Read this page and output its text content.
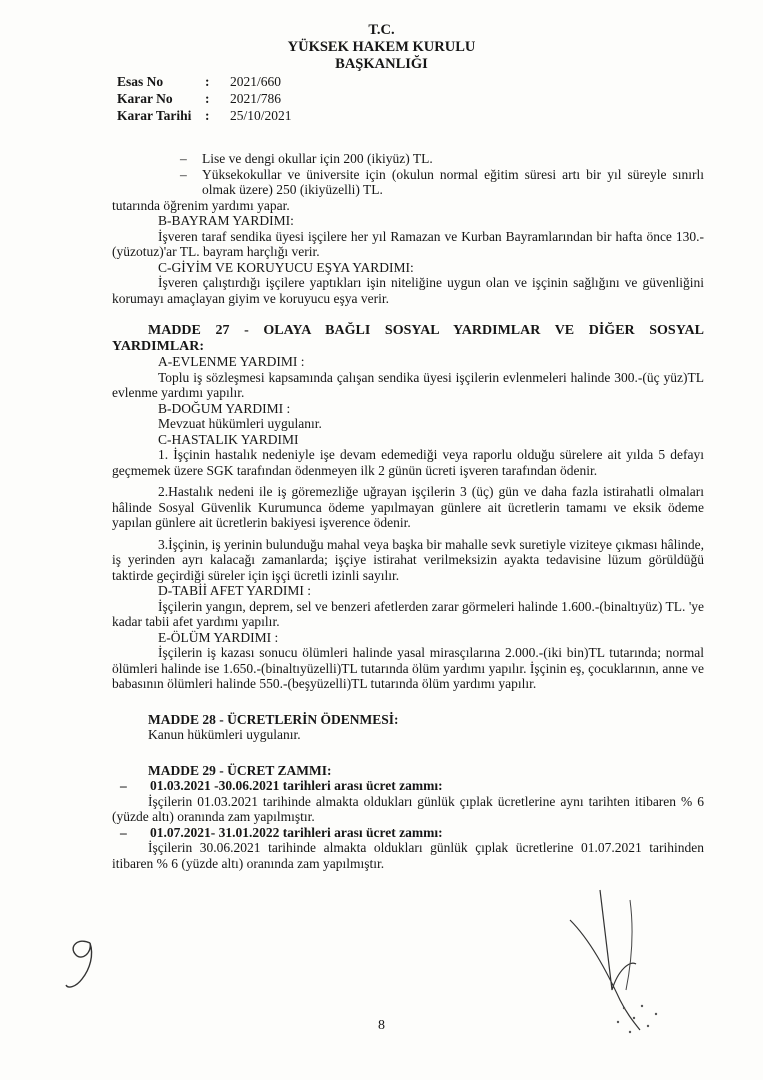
T.C.
YÜKSEK HAKEM KURULU
BAŞKANLIĞI
Esas No	:	2021/660
Karar No	:	2021/786
Karar Tarihi	:	25/10/2021
–	Lise ve dengi okullar için 200 (ikiyüz) TL.
–	Yüksekokullar ve üniversite için (okulun normal eğitim süresi artı bir yıl süreyle sınırlı olmak üzere) 250 (ikiyüzelli) TL.

tutarında öğrenim yardımı yapar.

B-BAYRAM YARDIMI:

İşveren taraf sendika üyesi işçilere her yıl Ramazan ve Kurban Bayramlarından bir hafta önce 130.-(yüzotuz)'ar TL. bayram harçlığı verir.

C-GİYİM VE KORUYUCU EŞYA YARDIMI:

İşveren çalıştırdığı işçilere yaptıkları işin niteliğine uygun olan ve işçinin sağlığını ve güvenliğini korumayı amaçlayan giyim ve koruyucu eşya verir.

MADDE 27 - OLAYA BAĞLI SOSYAL YARDIMLAR VE DİĞER SOSYAL YARDIMLAR:

A-EVLENME YARDIMI :

Toplu iş sözleşmesi kapsamında çalışan sendika üyesi işçilerin evlenmeleri halinde 300.-(üç yüz)TL evlenme yardımı yapılır.

B-DOĞUM YARDIMI :

Mevzuat hükümleri uygulanır.

C-HASTALIK YARDIMI

1. İşçinin hastalık nedeniyle işe devam edemediği veya raporlu olduğu sürelere ait yılda 5 defayı geçmemek üzere SGK tarafından ödenmeyen ilk 2 günün ücreti işveren tarafından ödenir.

2.Hastalık nedeni ile iş göremezliğe uğrayan işçilerin 3 (üç) gün ve daha fazla istirahatli olmaları hâlinde Sosyal Güvenlik Kurumunca ödeme yapılmayan günlere ait ücretlerin tamamı ve eksik ödeme yapılan günlere ait ücretlerin bakiyesi işverence ödenir.

3.İşçinin, iş yerinin bulunduğu mahal veya başka bir mahalle sevk suretiyle viziteye çıkması hâlinde, iş yerinden ayrı kalacağı zamanlarda; işçiye istirahat verilmeksizin ayakta tedavisine lüzum görüldüğü taktirde geçirdiği süreler için işçi ücretli izinli sayılır.

D-TABİİ AFET YARDIMI :

İşçilerin yangın, deprem, sel ve benzeri afetlerden zarar görmeleri halinde 1.600.-(binaltıyüz) TL. 'ye kadar tabii afet yardımı yapılır.

E-ÖLÜM YARDIMI :

İşçilerin iş kazası sonucu ölümleri halinde yasal mirasçılarına 2.000.-(iki bin)TL tutarında; normal ölümleri halinde ise 1.650.-(binaltıyüzelli)TL tutarında ölüm yardımı yapılır. İşçinin eş, çocuklarının, anne ve babasının ölümleri halinde 550.-(beşyüzelli)TL tutarında ölüm yardımı yapılır.

MADDE 28 - ÜCRETLERİN ÖDENMESİ:

Kanun hükümleri uygulanır.

MADDE 29 - ÜCRET ZAMMI:

–	01.03.2021 -30.06.2021 tarihleri arası ücret zammı:

İşçilerin 01.03.2021 tarihinde almakta oldukları günlük çıplak ücretlerine aynı tarihten itibaren % 6 (yüzde altı) oranında zam yapılmıştır.

–	01.07.2021- 31.01.2022 tarihleri arası ücret zammı:

İşçilerin 30.06.2021 tarihinde almakta oldukları günlük çıplak ücretlerine 01.07.2021 tarihinden itibaren % 6 (yüzde altı) oranında zam yapılmıştır.

8
